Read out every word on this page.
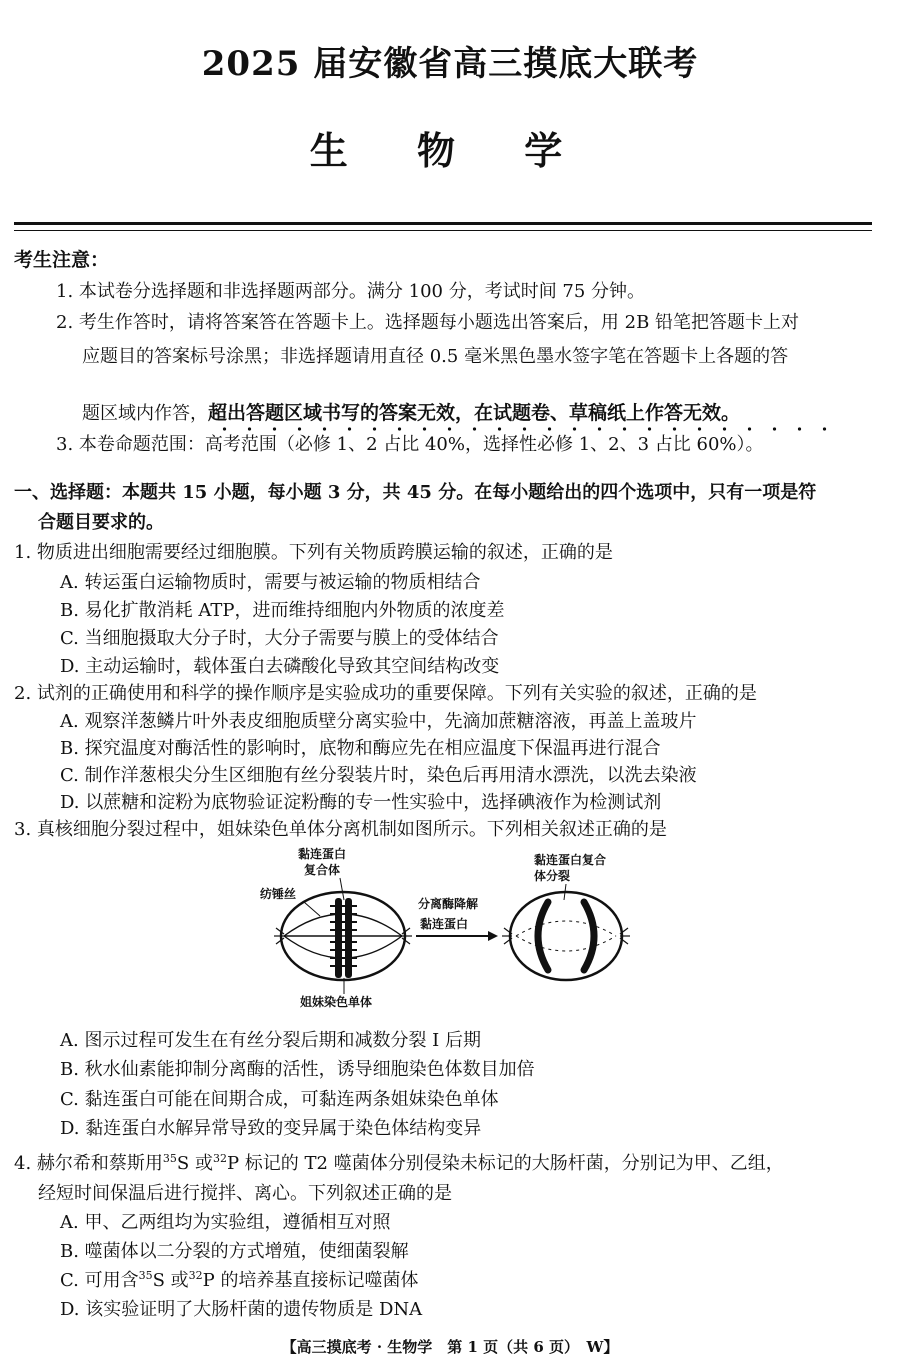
2025 届安徽省高三摸底大联考
生 物 学
考生注意：
1. 本试卷分选择题和非选择题两部分。满分 100 分，考试时间 75 分钟。
2. 考生作答时，请将答案答在答题卡上。选择题每小题选出答案后，用 2B 铅笔把答题卡上对
应题目的答案标号涂黑；非选择题请用直径 0.5 毫米黑色墨水签字笔在答题卡上各题的答
题区域内作答，超出答题区域书写的答案无效，在试题卷、草稿纸上作答无效。
3. 本卷命题范围：高考范围（必修 1、2 占比 40%，选择性必修 1、2、3 占比 60%）。
一、选择题：本题共 15 小题，每小题 3 分，共 45 分。在每小题给出的四个选项中，只有一项是符
合题目要求的。
1. 物质进出细胞需要经过细胞膜。下列有关物质跨膜运输的叙述，正确的是
A. 转运蛋白运输物质时，需要与被运输的物质相结合
B. 易化扩散消耗 ATP，进而维持细胞内外物质的浓度差
C. 当细胞摄取大分子时，大分子需要与膜上的受体结合
D. 主动运输时，载体蛋白去磷酸化导致其空间结构改变
2. 试剂的正确使用和科学的操作顺序是实验成功的重要保障。下列有关实验的叙述，正确的是
A. 观察洋葱鳞片叶外表皮细胞质壁分离实验中，先滴加蔗糖溶液，再盖上盖玻片
B. 探究温度对酶活性的影响时，底物和酶应先在相应温度下保温再进行混合
C. 制作洋葱根尖分生区细胞有丝分裂装片时，染色后再用清水漂洗，以洗去染液
D. 以蔗糖和淀粉为底物验证淀粉酶的专一性实验中，选择碘液作为检测试剂
3. 真核细胞分裂过程中，姐妹染色单体分离机制如图所示。下列相关叙述正确的是
黏连蛋白
复合体
纺锤丝
姐妹染色单体
分离酶降解
黏连蛋白
黏连蛋白复合
体分裂
A. 图示过程可发生在有丝分裂后期和减数分裂 Ⅰ 后期
B. 秋水仙素能抑制分离酶的活性，诱导细胞染色体数目加倍
C. 黏连蛋白可能在间期合成，可黏连两条姐妹染色单体
D. 黏连蛋白水解异常导致的变异属于染色体结构变异
4. 赫尔希和蔡斯用$^{35}$S 或$^{32}$P 标记的 T2 噬菌体分别侵染未标记的大肠杆菌，分别记为甲、乙组，
经短时间保温后进行搅拌、离心。下列叙述正确的是
A. 甲、乙两组均为实验组，遵循相互对照
B. 噬菌体以二分裂的方式增殖，使细菌裂解
C. 可用含$^{35}$S 或$^{32}$P 的培养基直接标记噬菌体
D. 该实验证明了大肠杆菌的遗传物质是 DNA
【高三摸底考 · 生物学　第 1 页（共 6 页）　W】
